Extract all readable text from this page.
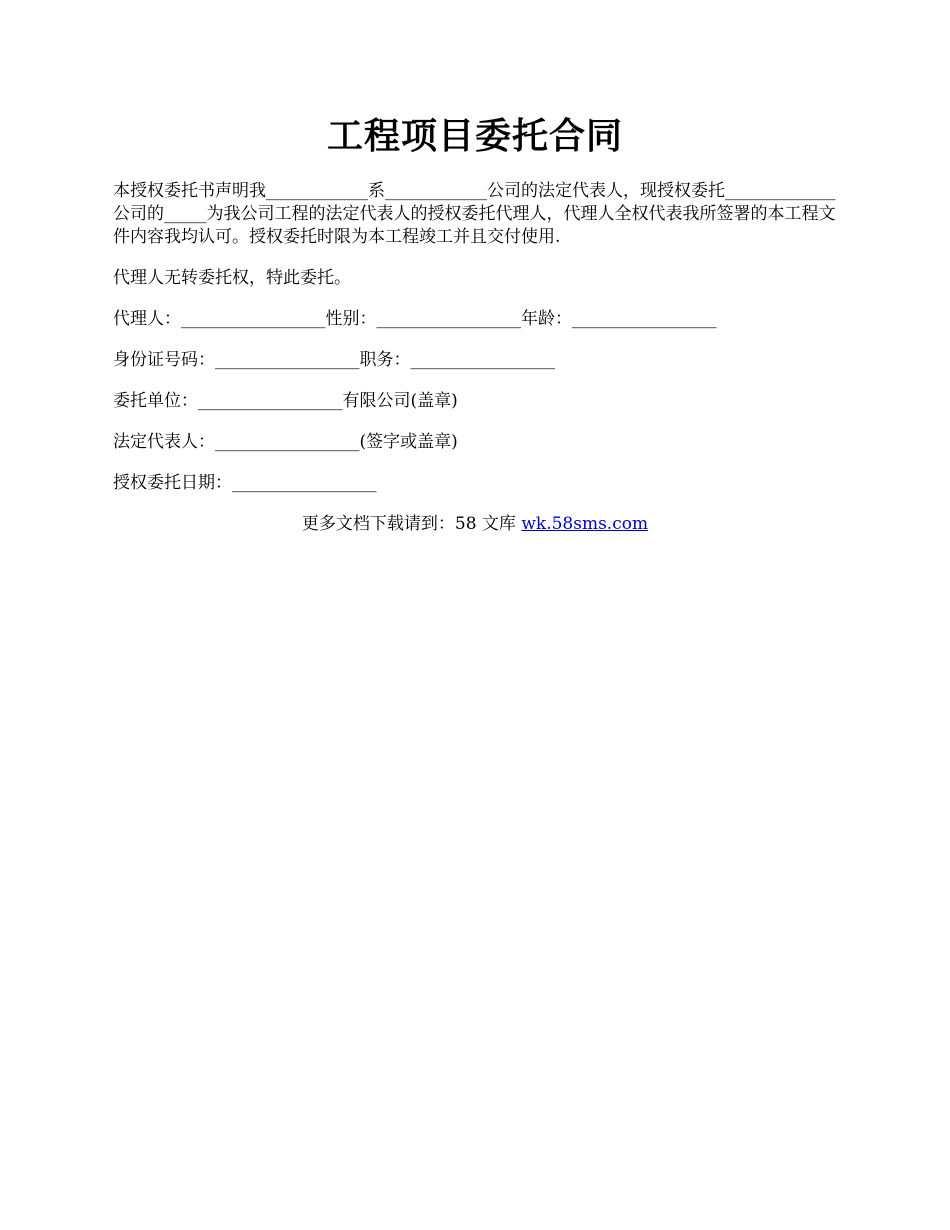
工程项目委托合同

本授权委托书声明我____________系____________公司的法定代表人，现授权委托_____________公司的_____为我公司工程的法定代表人的授权委托代理人，代理人全权代表我所签署的本工程文件内容我均认可。授权委托时限为本工程竣工并且交付使用.

代理人无转委托权，特此委托。

代理人：_________________性别：_________________年龄：_________________
身份证号码：_________________职务：_________________
委托单位：_________________有限公司(盖章)
法定代表人：_________________(签字或盖章)
授权委托日期：_________________
更多文档下载请到：58 文库 wk.58sms.com
